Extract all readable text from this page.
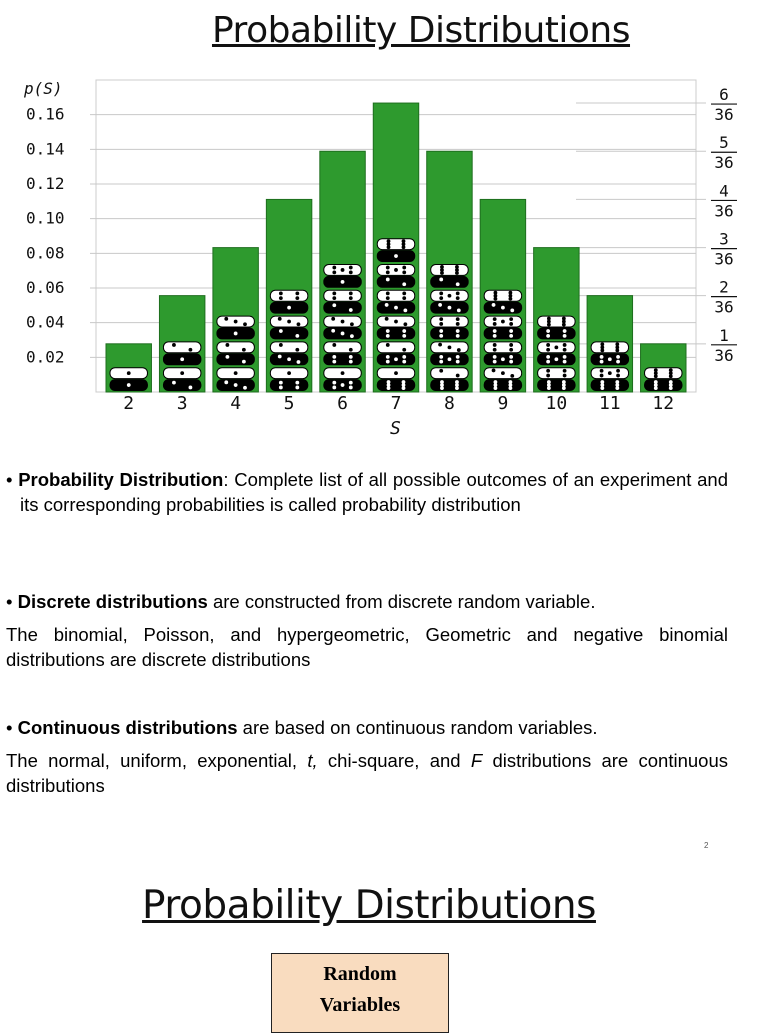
Probability Distributions
0.02
0.04
0.06
0.08
0.10
0.12
0.14
0.16
2 3 4 5 6 7 8 9 10 11 12
1
36
2
36
3
36
4
36
5
36
6
36
p(S)
S
• Probability Distribution: Complete list of all possible outcomes of an experiment and its corresponding probabilities is called probability distribution
• Discrete distributions are constructed from discrete random variable.
The binomial, Poisson, and hypergeometric, Geometric and negative binomial distributions are discrete distributions
• Continuous distributions are based on continuous random variables.
The normal, uniform, exponential, t, chi-square, and F distributions are continuous distributions
2
Probability Distributions
Random
Variables
